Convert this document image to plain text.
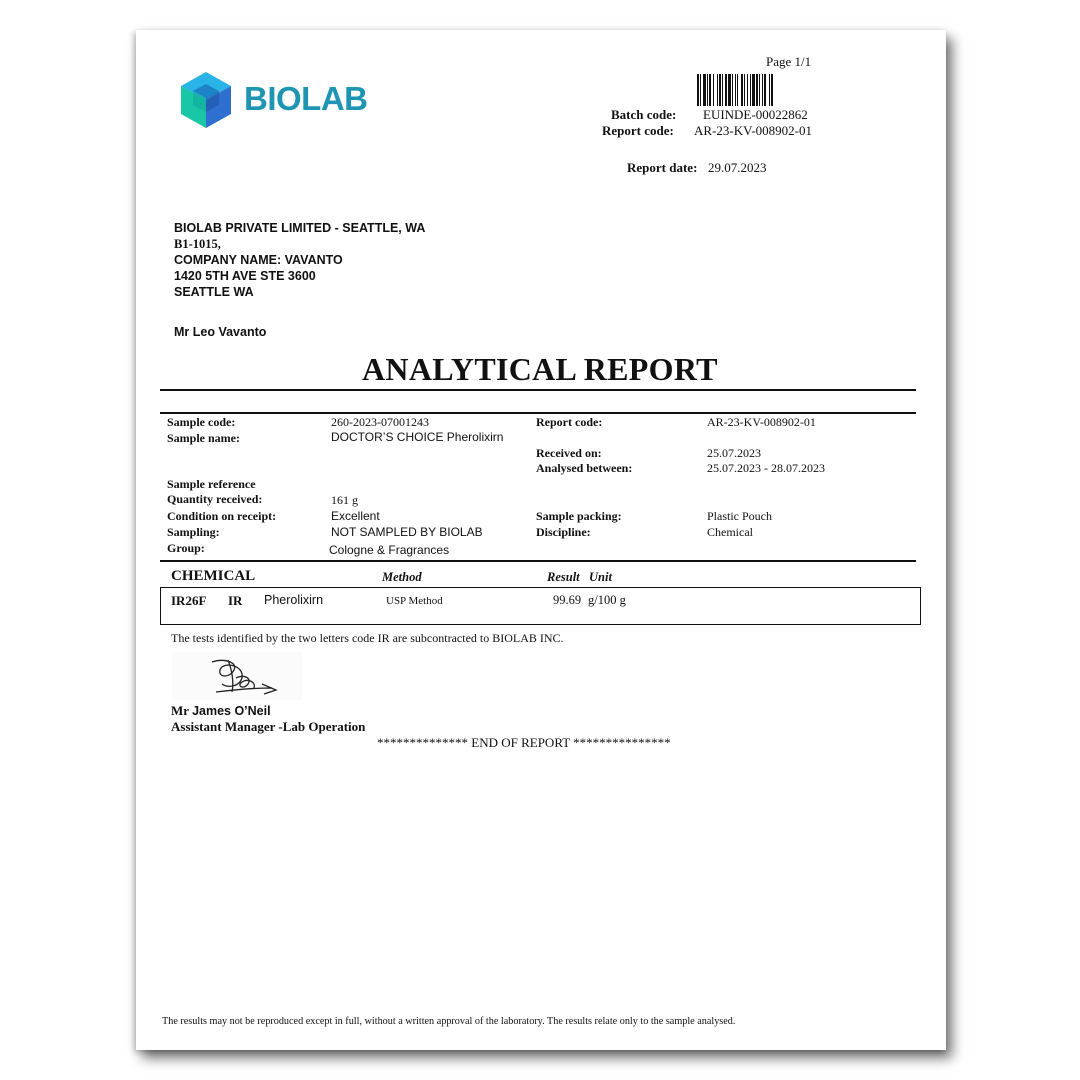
BIOLAB
Page 1/1
Batch code: EUINDE-00022862
Report code: AR-23-KV-008902-01
Report date: 29.07.2023
BIOLAB PRIVATE LIMITED - SEATTLE, WA
B1-1015,
COMPANY NAME: VAVANTO
1420 5TH AVE STE 3600
SEATTLE WA
Mr Leo Vavanto
ANALYTICAL REPORT
Sample code:	260-2023-07001243	Report code:	AR-23-KV-008902-01
Sample name:	DOCTOR’S CHOICE Pherolixirn
Received on:	25.07.2023
Analysed between:	25.07.2023 - 28.07.2023
Sample reference
Quantity received:	161 g
Condition on receipt:	Excellent	Sample packing:	Plastic Pouch
Sampling:	NOT SAMPLED BY BIOLAB	Discipline:	Chemical
Group:	Cologne & Fragrances
CHEMICAL	Method	Result Unit
IR26F IR Pherolixirn	USP Method	99.69 g/100 g
The tests identified by the two letters code IR are subcontracted to BIOLAB INC.
Mr James O’Neil
Assistant Manager -Lab Operation
************** END OF REPORT ***************
The results may not be reproduced except in full, without a written approval of the laboratory. The results relate only to the sample analysed.
